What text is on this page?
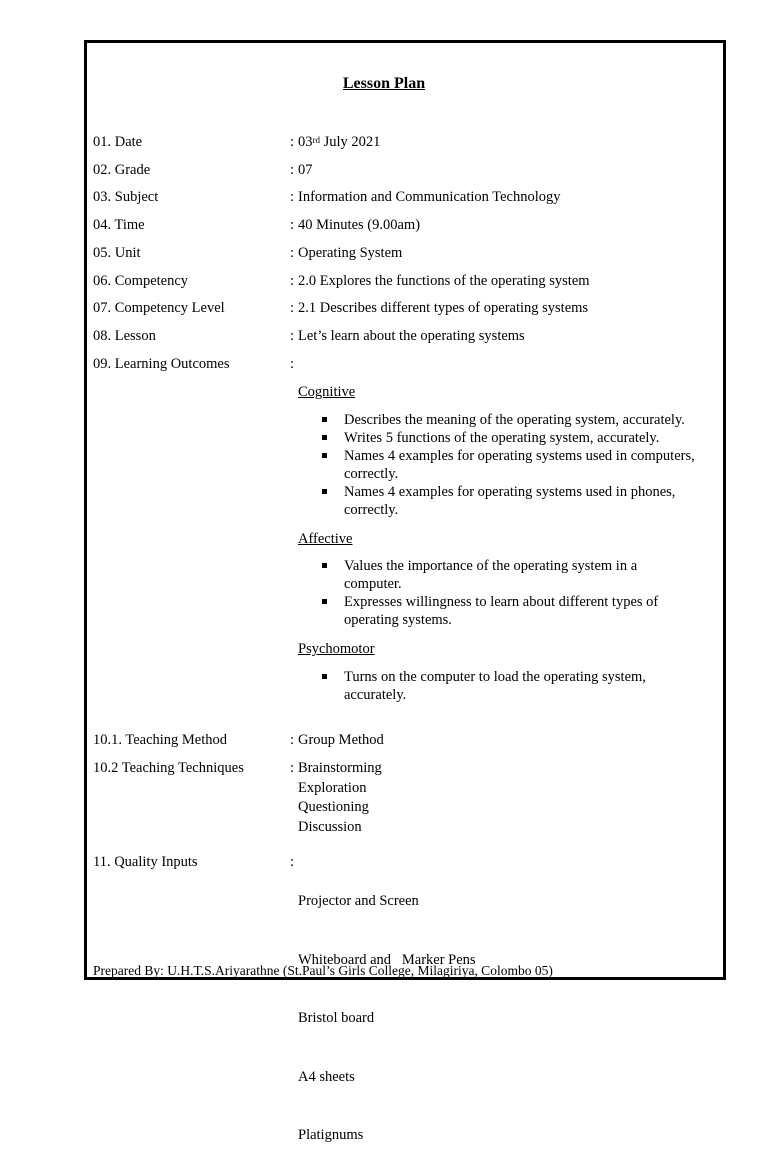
Lesson Plan
01. Date	: 03rd July 2021
02. Grade	: 07
03. Subject	: Information and Communication Technology
04. Time	: 40 Minutes (9.00am)
05. Unit	: Operating System
06. Competency	: 2.0 Explores the functions of the operating system
07. Competency Level	: 2.1 Describes different types of operating systems
08. Lesson	: Let’s learn about the operating systems
09. Learning Outcomes	:
Cognitive
Describes the meaning of the operating system, accurately.
Writes 5 functions of the operating system, accurately.
Names 4 examples for operating systems used in computers, correctly.
Names 4 examples for operating systems used in phones, correctly.
Affective
Values the importance of the operating system in a computer.
Expresses willingness to learn about different types of operating systems.
Psychomotor
Turns on the computer to load the operating system, accurately.
10.1. Teaching Method	: Group Method
10.2 Teaching Techniques	: Brainstorming
Exploration
Questioning
Discussion
11. Quality Inputs	:

Projector and Screen

Whiteboard and   Marker Pens

Bristol board

A4 sheets

Platignums

Prepared By: U.H.T.S.Ariyarathne (St.Paul’s Girls College, Milagiriya, Colombo 05)
